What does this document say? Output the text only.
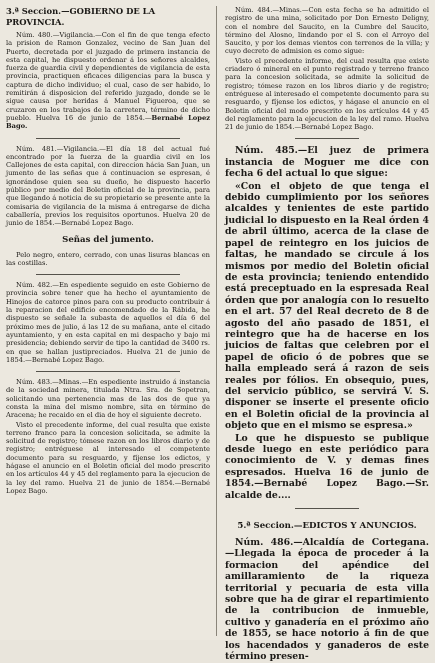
3.ª Seccion.—GOBIERNO DE LA PROVINCIA.

Núm. 480.—Vigilancia.—Con el fin de que tenga efecto la prision de Ramon Gonzalez, vecino de San Juan del Puerto, decretada por el juzgado de primera instancia de esta capital, he dispuesto ordenar á los señores alcaldes, fuerza de guardia civil y dependientes de vigilancia de esta provincia, practiquen eficaces diligencias para la busca y captura de dicho individuo; el cual, caso de ser habido, lo remitirán á disposicion del referido juzgado, donde se le sigue causa por heridas á Manuel Figueroa, que se cruzaron en los trabajos de la carretera, término de dicho pueblo. Huelva 16 de junio de 1854.—Bernabé Lopez Bago.

Núm. 481.—Vigilancia.—El día 18 del actual fué encontrado por la fuerza de la guardia civil en los Callejones de esta capital, con direccion hácia San Juan, un jumento de las señas que á continuacion se espresan, é ignorándose quien sea su dueño, he dispuesto hacerlo público por medio del Boletin oficial de la provincia, para que llegando á noticia de su propietario se presente ante la comisaria de vigilancia de la misma á entregarse de dicha caballería, previos los requisitos oportunos. Huelva 20 de junio de 1854.—Bernabé Lopez Bago.

Señas del jumento.

Pelo negro, entero, cerrado, con unas lisuras blancas en las costillas.

Núm. 482.—En espediente seguido en este Gobierno de provincia sobre tener que ha hecho el ayuntamiento de Hinojos de catorce pinos para con su producto contribuir á la reparacion del edificio encomendado de la Rábida, he dispuesto se señale la subasta de aquellos el día 6 del próximo mes de julio, á las 12 de su mañana, ante el citado ayuntamiento, y en esta capital en mi despacho y bajo mi presidencia; debiendo servir de tipo la cantidad de 3400 rs. en que se hallan justipreciados. Huelva 21 de junio de 1854.—Bernabé Lopez Bago.

Núm. 483.—Minas.—En espediente instruido á instancia de la sociedad minera, titulada Ntra. Sra. de Sopetran, solicitando una pertenencia mas de las dos de que ya consta la mina del mismo nombre, sita en término de Aracena; he recaido en el dia de hoy el siguiente decreto.

Visto el precedente informe, del cual resulta que existe terreno franco para la concesion solicitada, se admite la solicitud de registro; tómese razon en los libros diario y de registro; entréguese al interesado el competente documento para su resguardo, y fíjense los edictos, y hágase el anuncio en el Boletin oficial del modo prescrito en los artículos 44 y 45 del reglamento para la ejecucion de la ley del ramo. Huelva 21 de junio de 1854.—Bernabé Lopez Bago.

Núm. 484.—Minas.—Con esta fecha se ha admitido el registro de una mina, solicitado por Don Ernesto Deligny, con el nombre del Saucito, en la Cumbre del Saucito, término del Alosno, lindando por el S. con el Arroyo del Saucito, y por los demas vientos con terrenos de la villa; y cuyo decreto de admision es como sigue:

Visto el precedente informe, del cual resulta que existe criadero ó mineral en el punto registrado y terreno franco para la concesion solicitada, se admite la solicitud de registro; tómese razon en los libros diario y de registro; entréguese al interesado el competente documento para su resguardo, y fíjense los edictos, y hágase el anuncio en el Boletin oficial del modo prescrito en los artículos 44 y 45 del reglamento para la ejecucion de la ley del ramo. Huelva 21 de junio de 1854.—Bernabé Lopez Bago.

Núm. 485.—El juez de primera instancia de Moguer me dice con fecha 6 del actual lo que sigue:

«Con el objeto de que tenga el debido cumplimiento por los señores alcaldes y tenientes de este partido judicial lo dispuesto en la Real órden 4 de abril último, acerca de la clase de papel de reintegro en los juicios de faltas, he mandado se circule á los mismos por medio del Boletin oficial de esta provincia; teniendo entendido está preceptuado en la espresada Real órden que por analogía con lo resuelto en el art. 57 del Real decreto de 8 de agosto del año pasado de 1851, el reintegro que ha de hacerse en los juicios de faltas que celebren por el papel de oficio ó de pobres que se halla empleado será á razon de seis reales por fólios. En obsequio, pues, del servicio público, se servirá V. S. disponer se inserte el presente oficio en el Boletin oficial de la provincia al objeto que en el mismo se espresa.»

Lo que he dispuesto se publique desde luego en este periódico para conocimiento de V. y demas fines espresados. Huelva 16 de junio de 1854.—Bernabé Lopez Bago.—Sr. alcalde de....

5.ª Seccion.—EDICTOS Y ANUNCIOS.

Núm. 486.—Alcaldía de Cortegana. —Llegada la época de proceder á la formacion del apéndice del amillaramiento de la riqueza territorial y pecuaria de esta villa sobre que ha de girar el repartimiento de la contribucion de inmueble, cultivo y ganadería en el próximo año de 1855, se hace notorio á fin de que los hacendados y ganaderos de este término presen-
